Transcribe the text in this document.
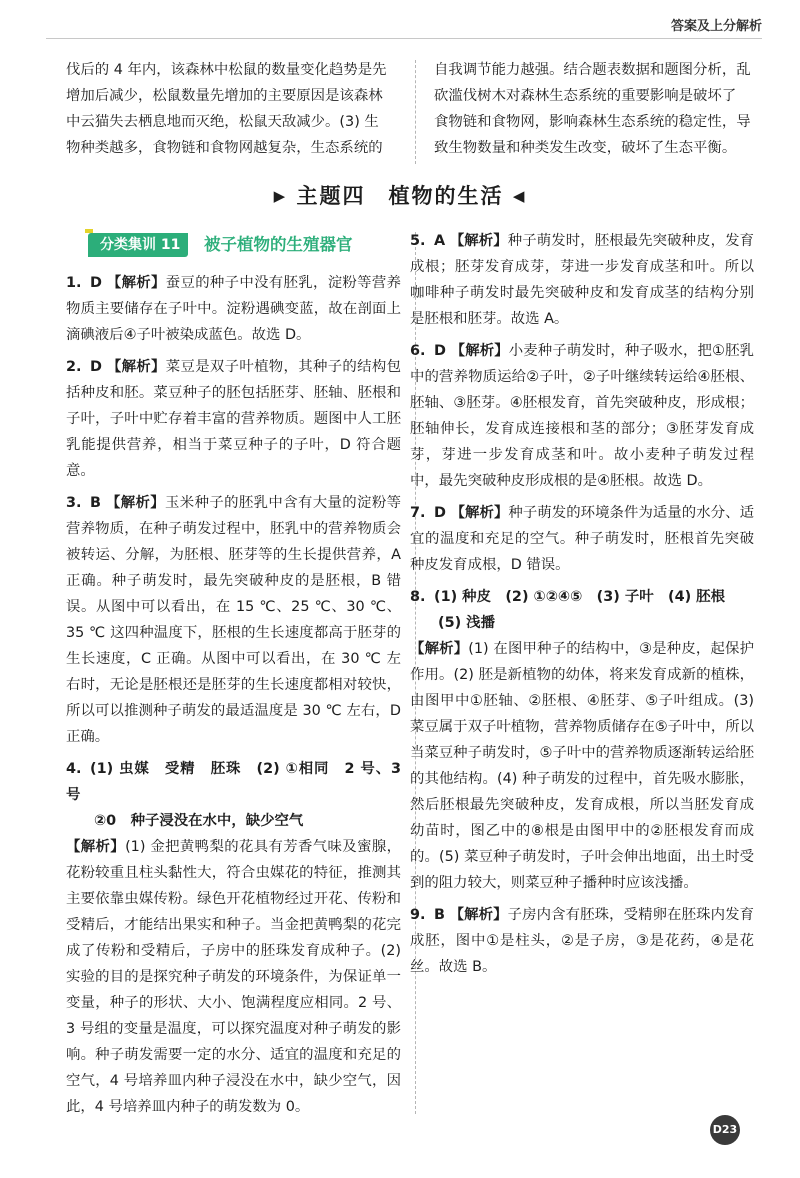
答案及上分解析

伐后的 4 年内，该森林中松鼠的数量变化趋势是先

增加后减少，松鼠数量先增加的主要原因是该森林

中云猫失去栖息地而灭绝，松鼠天敌减少。(3) 生

物种类越多，食物链和食物网越复杂，生态系统的

自我调节能力越强。结合题表数据和题图分析，乱

砍滥伐树木对森林生态系统的重要影响是破坏了

食物链和食物网，影响森林生态系统的稳定性，导

致生物数量和种类发生改变，破坏了生态平衡。

▶ 主题四　植物的生活 ◀
分类集训 11	被子植物的生殖器官

1. D 【解析】蚕豆的种子中没有胚乳，淀粉等营养物质主要储存在子叶中。淀粉遇碘变蓝，故在剖面上滴碘液后④子叶被染成蓝色。故选 D。

2. D 【解析】菜豆是双子叶植物，其种子的结构包括种皮和胚。菜豆种子的胚包括胚芽、胚轴、胚根和子叶，子叶中贮存着丰富的营养物质。题图中人工胚乳能提供营养，相当于菜豆种子的子叶，D 符合题意。

3. B 【解析】玉米种子的胚乳中含有大量的淀粉等营养物质，在种子萌发过程中，胚乳中的营养物质会被转运、分解，为胚根、胚芽等的生长提供营养，A 正确。种子萌发时，最先突破种皮的是胚根，B 错误。从图中可以看出，在 15 ℃、25 ℃、30 ℃、35 ℃ 这四种温度下，胚根的生长速度都高于胚芽的生长速度，C 正确。从图中可以看出，在 30 ℃ 左右时，无论是胚根还是胚芽的生长速度都相对较快，所以可以推测种子萌发的最适温度是 30 ℃ 左右，D 正确。

4. (1) 虫媒　受精　胚珠　(2) ①相同　2 号、3 号
②0　种子浸没在水中，缺少空气
【解析】(1) 金把黄鸭梨的花具有芳香气味及蜜腺，花粉较重且柱头黏性大，符合虫媒花的特征，推测其主要依靠虫媒传粉。绿色开花植物经过开花、传粉和受精后，才能结出果实和种子。当金把黄鸭梨的花完成了传粉和受精后，子房中的胚珠发育成种子。(2) 实验的目的是探究种子萌发的环境条件，为保证单一变量，种子的形状、大小、饱满程度应相同。2 号、3 号组的变量是温度，可以探究温度对种子萌发的影响。种子萌发需要一定的水分、适宜的温度和充足的空气，4 号培养皿内种子浸没在水中，缺少空气，因此，4 号培养皿内种子的萌发数为 0。

5. A 【解析】种子萌发时，胚根最先突破种皮，发育成根；胚芽发育成芽，芽进一步发育成茎和叶。所以咖啡种子萌发时最先突破种皮和发育成茎的结构分别是胚根和胚芽。故选 A。

6. D 【解析】小麦种子萌发时，种子吸水，把①胚乳中的营养物质运给②子叶，②子叶继续转运给④胚根、胚轴、③胚芽。④胚根发育，首先突破种皮，形成根；胚轴伸长，发育成连接根和茎的部分；③胚芽发育成芽，芽进一步发育成茎和叶。故小麦种子萌发过程中，最先突破种皮形成根的是④胚根。故选 D。

7. D 【解析】种子萌发的环境条件为适量的水分、适宜的温度和充足的空气。种子萌发时，胚根首先突破种皮发育成根，D 错误。

8. (1) 种皮　(2) ①②④⑤　(3) 子叶　(4) 胚根
(5) 浅播
【解析】(1) 在图甲种子的结构中，③是种皮，起保护作用。(2) 胚是新植物的幼体，将来发育成新的植株，由图甲中①胚轴、②胚根、④胚芽、⑤子叶组成。(3) 菜豆属于双子叶植物，营养物质储存在⑤子叶中，所以当菜豆种子萌发时，⑤子叶中的营养物质逐渐转运给胚的其他结构。(4) 种子萌发的过程中，首先吸水膨胀，然后胚根最先突破种皮，发育成根，所以当胚发育成幼苗时，图乙中的⑧根是由图甲中的②胚根发育而成的。(5) 菜豆种子萌发时，子叶会伸出地面，出土时受到的阻力较大，则菜豆种子播种时应该浅播。

9. B 【解析】子房内含有胚珠，受精卵在胚珠内发育成胚，图中①是柱头，②是子房，③是花药，④是花丝。故选 B。

D23
